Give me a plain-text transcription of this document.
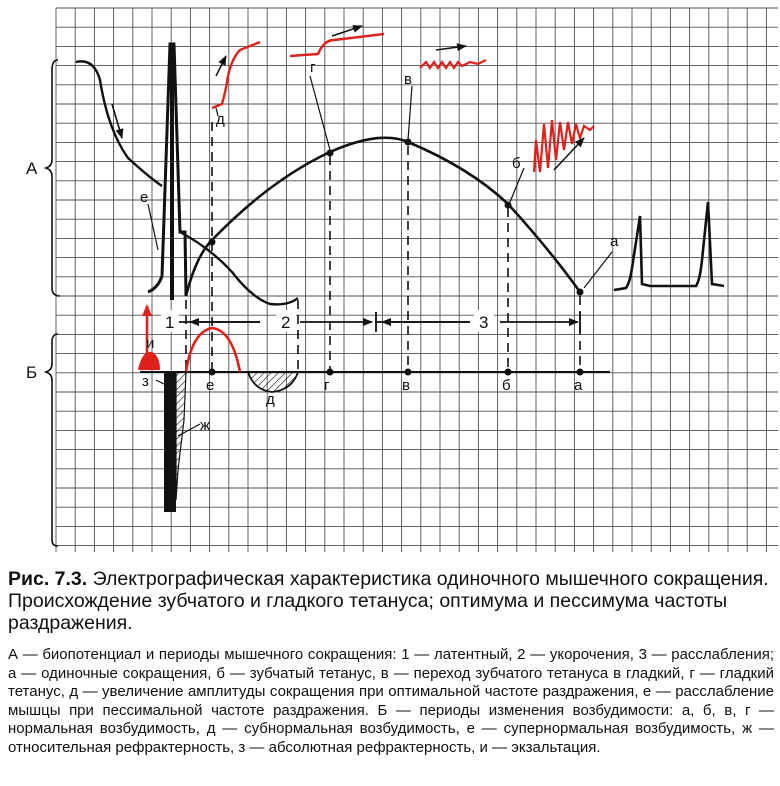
А
Б
е
д
г
в
б
а
1	2	3
и
з	е
д
г	в	б	а
ж

Рис. 7.3. Электрографическая характеристика одиночного мышечного сокращения. Происхождение зубчатого и гладкого тетануса; оптимума и пессимума частоты раздражения.

А — биопотенциал и периоды мышечного сокращения: 1 — латентный, 2 — укорочения, 3 — расслабления; а — одиночные сокращения, б — зубчатый тетанус, в — переход зубчатого тетануса в гладкий, г — гладкий тетанус, д — увеличение амплитуды сокращения при оптимальной частоте раздражения, е — расслабление мышцы при пессимальной частоте раздражения. Б — периоды изменения возбудимости: а, б, в, г — нормальная возбудимость, д — субнормальная возбудимость, е — супернормальная возбудимость, ж — относительная рефрактерность, з — абсолютная рефрактерность, и — экзальтация.
